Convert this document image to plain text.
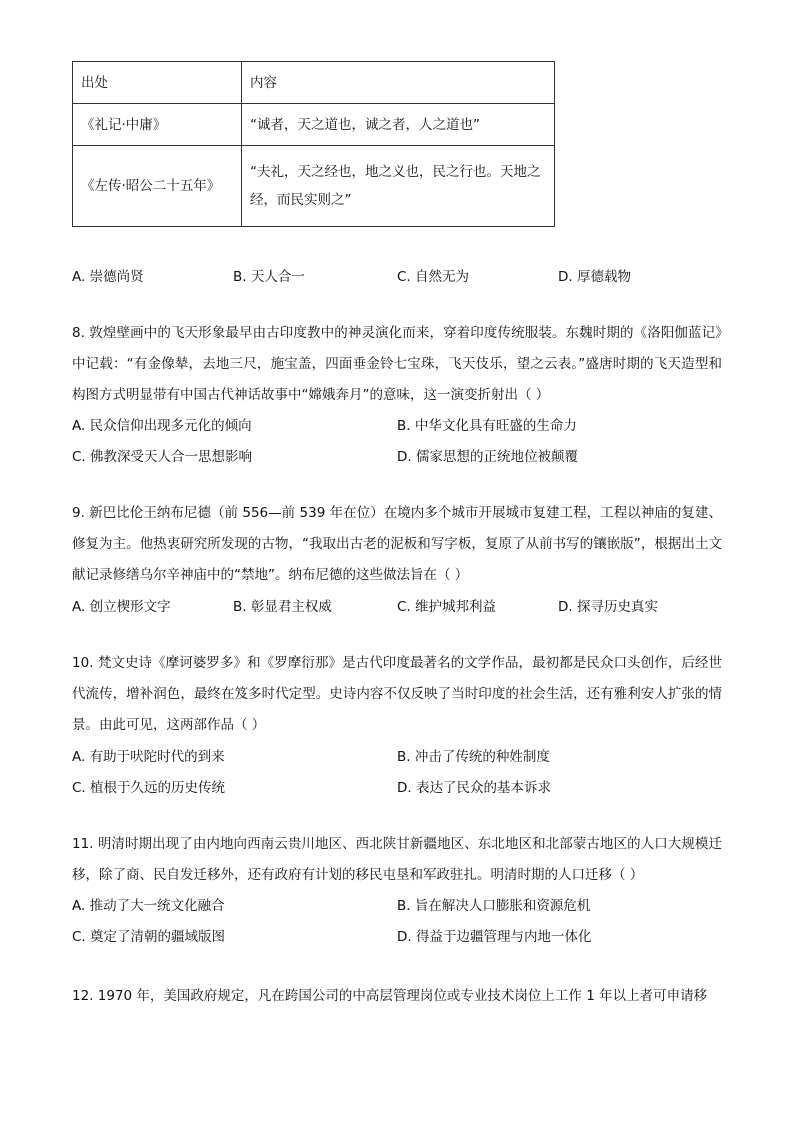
出处	内容
《礼记·中庸》	“诚者，天之道也，诚之者，人之道也”
《左传·昭公二十五年》	“夫礼，天之经也，地之义也，民之行也。天地之经，而民实则之”
A. 崇德尚贤	B. 天人合一	C. 自然无为	D. 厚德载物
8. 敦煌壁画中的飞天形象最早由古印度教中的神灵演化而来，穿着印度传统服装。东魏时期的《洛阳伽蓝记》中记载：“有金像辇，去地三尺，施宝盖，四面垂金铃七宝珠，飞天伎乐，望之云表。”盛唐时期的飞天造型和构图方式明显带有中国古代神话故事中“嫦娥奔月”的意味，这一演变折射出（ ）
A. 民众信仰出现多元化的倾向	B. 中华文化具有旺盛的生命力
C. 佛教深受天人合一思想影响	D. 儒家思想的正统地位被颠覆
9. 新巴比伦王纳布尼德（前 556—前 539 年在位）在境内多个城市开展城市复建工程，工程以神庙的复建、修复为主。他热衷研究所发现的古物，“我取出古老的泥板和写字板，复原了从前书写的镶嵌版”，根据出土文献记录修缮乌尔辛神庙中的“禁地”。纳布尼德的这些做法旨在（ ）
A. 创立楔形文字	B. 彰显君主权威	C. 维护城邦利益	D. 探寻历史真实
10. 梵文史诗《摩诃婆罗多》和《罗摩衍那》是古代印度最著名的文学作品，最初都是民众口头创作，后经世代流传，增补润色，最终在笈多时代定型。史诗内容不仅反映了当时印度的社会生活，还有雅利安人扩张的情景。由此可见，这两部作品（ ）
A. 有助于吠陀时代的到来	B. 冲击了传统的种姓制度
C. 植根于久远的历史传统	D. 表达了民众的基本诉求
11. 明清时期出现了由内地向西南云贵川地区、西北陕甘新疆地区、东北地区和北部蒙古地区的人口大规模迁移，除了商、民自发迁移外，还有政府有计划的移民屯垦和军政驻扎。明清时期的人口迁移（ ）
A. 推动了大一统文化融合	B. 旨在解决人口膨胀和资源危机
C. 奠定了清朝的疆域版图	D. 得益于边疆管理与内地一体化
12. 1970 年，美国政府规定，凡在跨国公司的中高层管理岗位或专业技术岗位上工作 1 年以上者可申请移
